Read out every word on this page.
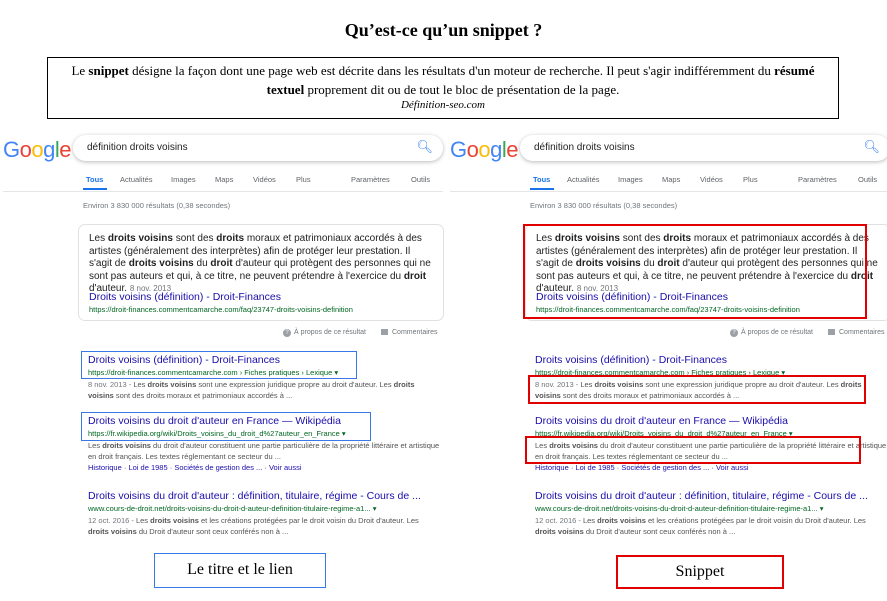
Qu’est-ce qu’un snippet ?
Le snippet désigne la façon dont une page web est décrite dans les résultats d'un moteur de recherche. Il peut s'agir indifféremment du résumé textuel proprement dit ou de tout le bloc de présentation de la page.
Définition-seo.com
Google	définition droits voisins	🔍︎
Tous Actualités Images	Maps	Vidéos	Plus	Paramètres	Outils
Environ 3 830 000 résultats (0,38 secondes)
Les droits voisins sont des droits moraux et patrimoniaux accordés à des artistes (généralement des interprètes) afin de protéger leur prestation. Il s'agit de droits voisins du droit d'auteur qui protègent des personnes qui ne sont pas auteurs et qui, à ce titre, ne peuvent prétendre à l'exercice du droit d'auteur. 8 nov. 2013
Droits voisins (définition) - Droit-Finances
https://droit-finances.commentcamarche.com/faq/23747-droits-voisins-definition
? À propos de ce résultat	Commentaires
Droits voisins (définition) - Droit-Finances
https://droit-finances.commentcamarche.com › Fiches pratiques › Lexique ▾
8 nov. 2013 - Les droits voisins sont une expression juridique propre au droit d'auteur. Les droits voisins sont des droits moraux et patrimoniaux accordés à ...
Droits voisins du droit d'auteur en France — Wikipédia
https://fr.wikipedia.org/wiki/Droits_voisins_du_droit_d%27auteur_en_France ▾
Les droits voisins du droit d'auteur constituent une partie particulière de la propriété littéraire et artistique en droit français. Les textes réglementant ce secteur du ...
Historique · Loi de 1985 · Sociétés de gestion des ... · Voir aussi
Droits voisins du droit d'auteur : définition, titulaire, régime - Cours de ...
www.cours-de-droit.net/droits-voisins-du-droit-d-auteur-definition-titulaire-regime-a1... ▾
12 oct. 2016 - Les droits voisins et les créations protégées par le droit voisin du Droit d'auteur. Les droits voisins du Droit d'auteur sont ceux conférés non à ...
Google	définition droits voisins	🔍︎
Tous Actualités Images	Maps	Vidéos	Plus	Paramètres	Outils
Environ 3 830 000 résultats (0,38 secondes)
Les droits voisins sont des droits moraux et patrimoniaux accordés à des artistes (généralement des interprètes) afin de protéger leur prestation. Il s'agit de droits voisins du droit d'auteur qui protègent des personnes qui ne sont pas auteurs et qui, à ce titre, ne peuvent prétendre à l'exercice du droit d'auteur. 8 nov. 2013
Droits voisins (définition) - Droit-Finances
https://droit-finances.commentcamarche.com/faq/23747-droits-voisins-definition
? À propos de ce résultat	Commentaires
Droits voisins (définition) - Droit-Finances
https://droit-finances.commentcamarche.com › Fiches pratiques › Lexique ▾
8 nov. 2013 - Les droits voisins sont une expression juridique propre au droit d'auteur. Les droits voisins sont des droits moraux et patrimoniaux accordés à ...
Droits voisins du droit d'auteur en France — Wikipédia
https://fr.wikipedia.org/wiki/Droits_voisins_du_droit_d%27auteur_en_France ▾
Les droits voisins du droit d'auteur constituent une partie particulière de la propriété littéraire et artistique en droit français. Les textes réglementant ce secteur du ...
Historique · Loi de 1985 · Sociétés de gestion des ... · Voir aussi
Droits voisins du droit d'auteur : définition, titulaire, régime - Cours de ...
www.cours-de-droit.net/droits-voisins-du-droit-d-auteur-definition-titulaire-regime-a1... ▾
12 oct. 2016 - Les droits voisins et les créations protégées par le droit voisin du Droit d'auteur. Les droits voisins du Droit d'auteur sont ceux conférés non à ...
Le titre et le lien	Snippet
